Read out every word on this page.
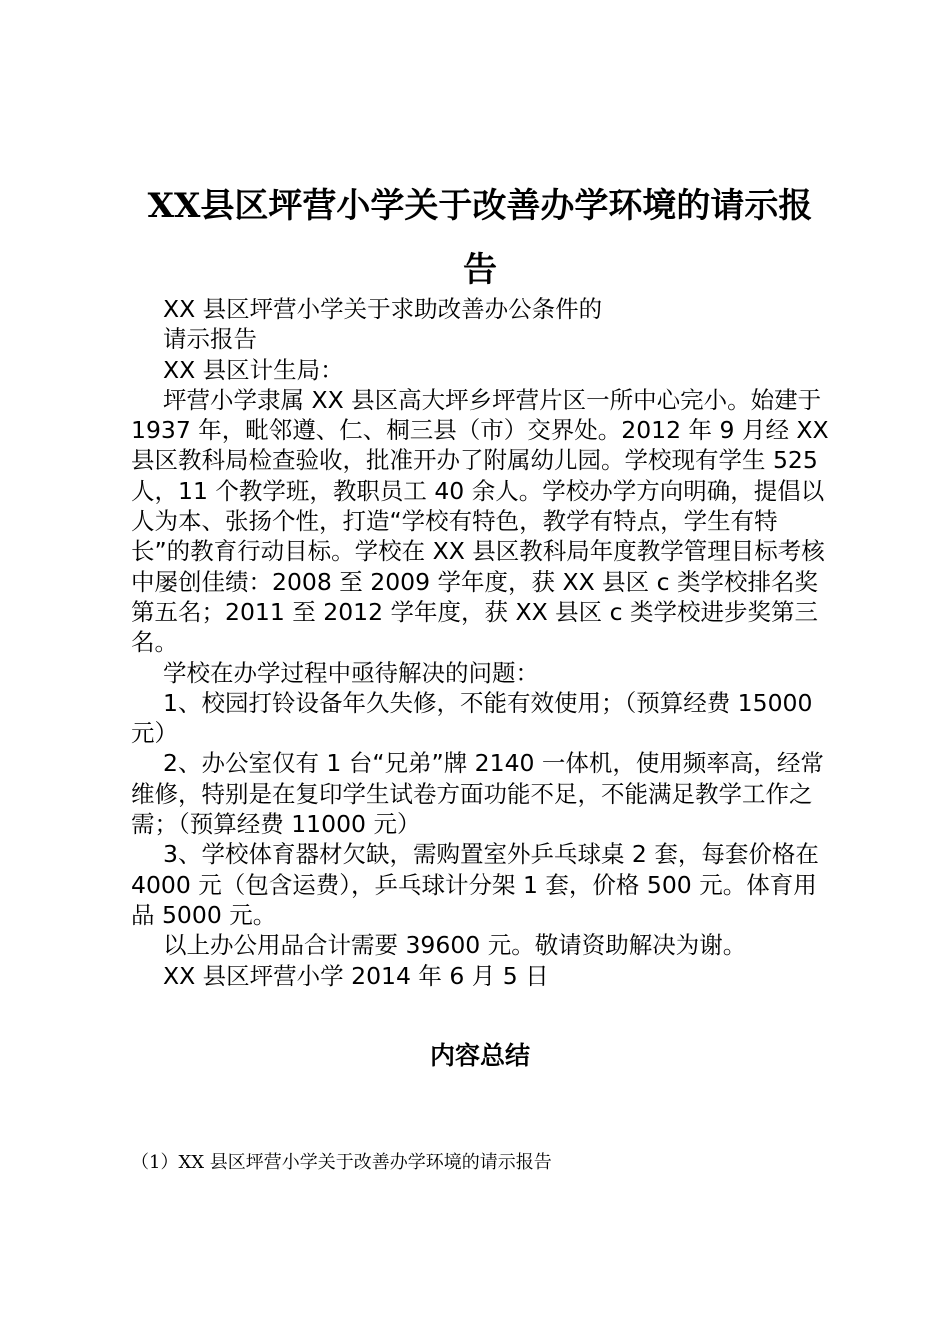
XX县区坪营小学关于改善办学环境的请示报
告

XX 县区坪营小学关于求助改善办公条件的

请示报告

XX 县区计生局：

坪营小学隶属 XX 县区高大坪乡坪营片区一所中心完小。始建于 1937 年，毗邻遵、仁、桐三县（市）交界处。2012 年 9 月经 XX 县区教科局检查验收，批准开办了附属幼儿园。学校现有学生 525 人，11 个教学班，教职员工 40 余人。学校办学方向明确，提倡以人为本、张扬个性，打造“学校有特色，教学有特点，学生有特长”的教育行动目标。学校在 XX 县区教科局年度教学管理目标考核中屡创佳绩：2008 至 2009 学年度，获 XX 县区 c 类学校排名奖第五名；2011 至 2012 学年度，获 XX 县区 c 类学校进步奖第三名。

学校在办学过程中亟待解决的问题：

1、校园打铃设备年久失修，不能有效使用；（预算经费 15000 元）

2、办公室仅有 1 台“兄弟”牌 2140 一体机，使用频率高，经常维修，特别是在复印学生试卷方面功能不足，不能满足教学工作之需；（预算经费 11000 元）

3、学校体育器材欠缺，需购置室外乒乓球桌 2 套，每套价格在 4000 元（包含运费），乒乓球计分架 1 套，价格 500 元。体育用品 5000 元。

以上办公用品合计需要 39600 元。敬请资助解决为谢。

XX 县区坪营小学 2014 年 6 月 5 日

内容总结

（1）XX 县区坪营小学关于改善办学环境的请示报告
